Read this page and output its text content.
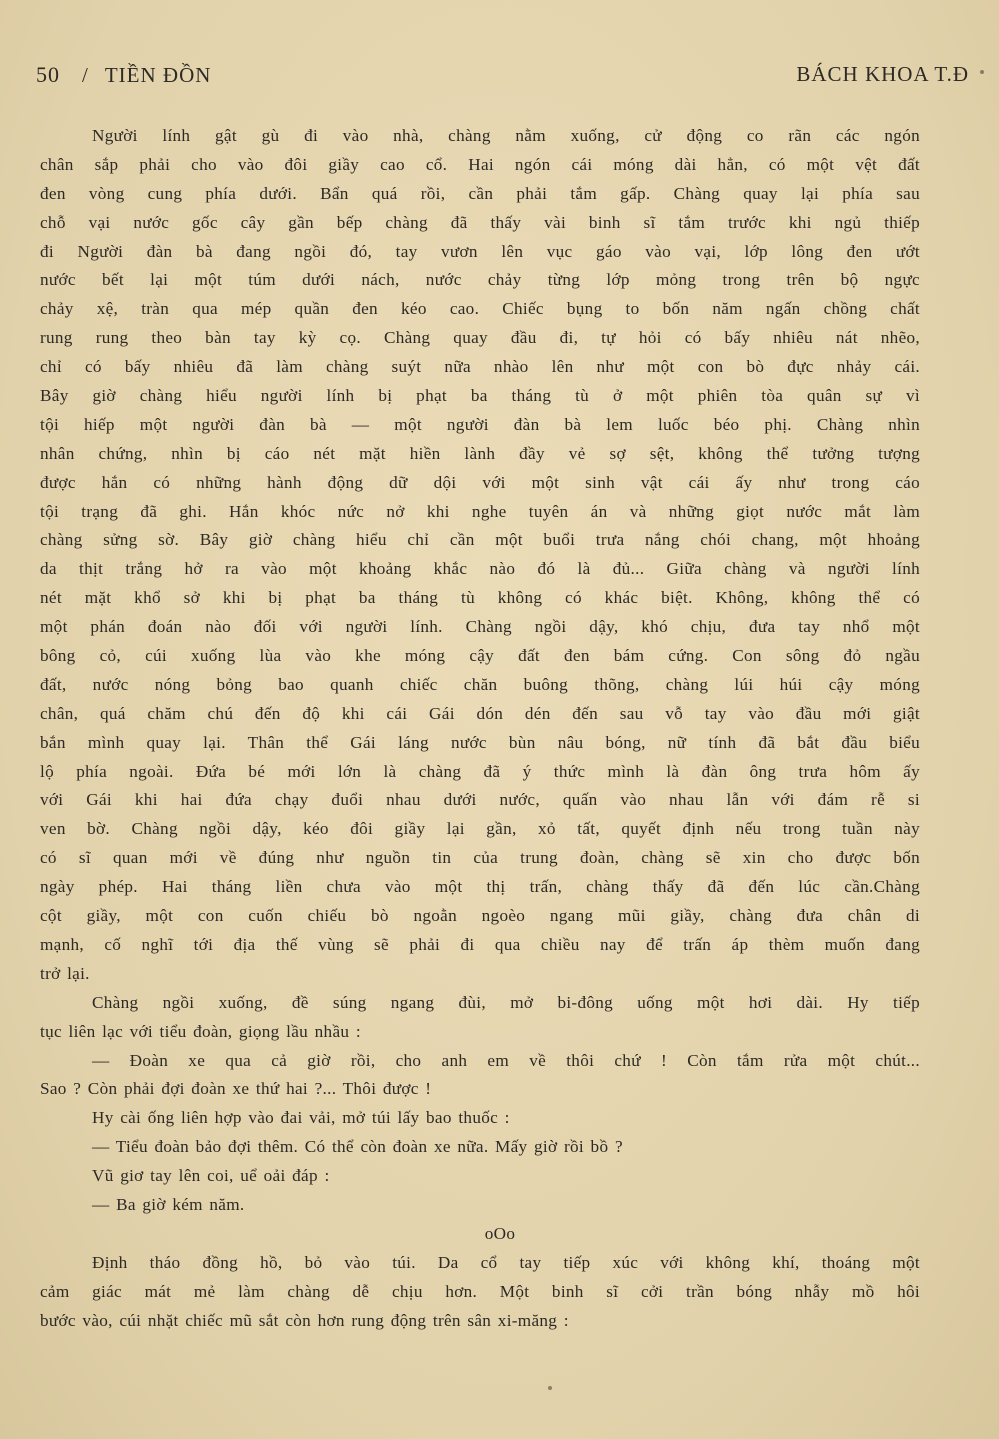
50 / TIỀN ĐỒN	BÁCH KHOA T.Đ
Người lính gật gù đi vào nhà, chàng nằm xuống, cử động co rãn các ngón
chân sắp phải cho vào đôi giầy cao cổ. Hai ngón cái móng dài hẳn, có một vệt đất
đen vòng cung phía dưới. Bẩn quá rồi, cần phải tắm gấp. Chàng quay lại phía sau
chỗ vại nước gốc cây gần bếp chàng đã thấy vài binh sĩ tắm trước khi ngủ thiếp
đi Người đàn bà đang ngồi đó, tay vươn lên vục gáo vào vại, lớp lông đen ướt
nước bết lại một túm dưới nách, nước chảy từng lớp mỏng trong trên bộ ngực
chảy xệ, tràn qua mép quần đen kéo cao. Chiếc bụng to bốn năm ngấn chồng chất
rung rung theo bàn tay kỳ cọ. Chàng quay đầu đi, tự hỏi có bấy nhiêu nát nhẽo,
chỉ có bấy nhiêu đã làm chàng suýt nữa nhào lên như một con bò đực nhảy cái.
Bây giờ chàng hiểu người lính bị phạt ba tháng tù ở một phiên tòa quân sự vì
tội hiếp một người đàn bà — một người đàn bà lem luốc béo phị. Chàng nhìn
nhân chứng, nhìn bị cáo nét mặt hiền lành đầy vẻ sợ sệt, không thể tưởng tượng
được hắn có những hành động dữ dội với một sinh vật cái ấy như trong cáo
tội trạng đã ghi. Hắn khóc nức nở khi nghe tuyên án và những giọt nước mắt làm
chàng sửng sờ. Bây giờ chàng hiểu chỉ cần một buổi trưa nắng chói chang, một hhoảng
da thịt trắng hở ra vào một khoảng khắc nào đó là đủ... Giữa chàng và người lính
nét mặt khổ sở khi bị phạt ba tháng tù không có khác biệt. Không, không thể có
một phán đoán nào đối với người lính. Chàng ngồi dậy, khó chịu, đưa tay nhổ một
bông cỏ, cúi xuống lùa vào khe móng cậy đất đen bám cứng. Con sông đỏ ngầu
đất, nước nóng bỏng bao quanh chiếc chăn buông thõng, chàng lúi húi cậy móng
chân, quá chăm chú đến độ khi cái Gái dón dén đến sau vỗ tay vào đầu mới giật
bắn mình quay lại. Thân thể Gái láng nước bùn nâu bóng, nữ tính đã bắt đầu biểu
lộ phía ngoài. Đứa bé mới lớn là chàng đã ý thức mình là đàn ông trưa hôm ấy
với Gái khi hai đứa chạy đuổi nhau dưới nước, quấn vào nhau lẫn với đám rễ si
ven bờ. Chàng ngồi dậy, kéo đôi giầy lại gần, xỏ tất, quyết định nếu trong tuần này
có sĩ quan mới về đúng như nguồn tin của trung đoàn, chàng sẽ xin cho được bốn
ngày phép. Hai tháng liền chưa vào một thị trấn, chàng thấy đã đến lúc cần.Chàng
cột giầy, một con cuốn chiếu bò ngoằn ngoèo ngang mũi giầy, chàng đưa chân di
mạnh, cố nghĩ tới địa thế vùng sẽ phải đi qua chiều nay để trấn áp thèm muốn đang
trở lại.
Chàng ngồi xuống, đề súng ngang đùi, mở bi-đông uống một hơi dài. Hy tiếp
tục liên lạc với tiểu đoàn, giọng lầu nhầu :
— Đoàn xe qua cả giờ rồi, cho anh em về thôi chứ ! Còn tắm rửa một chút...
Sao ? Còn phải đợi đoàn xe thứ hai ?... Thôi được !
Hy cài ống liên hợp vào đai vải, mở túi lấy bao thuốc :
— Tiểu đoàn bảo đợi thêm. Có thể còn đoàn xe nữa. Mấy giờ rồi bồ ?
Vũ giơ tay lên coi, uể oải đáp :
— Ba giờ kém năm.
oOo
Định tháo đồng hồ, bỏ vào túi. Da cổ tay tiếp xúc với không khí, thoáng một
cảm giác mát mẻ làm chàng dễ chịu hơn. Một binh sĩ cởi trần bóng nhẫy mồ hôi
bước vào, cúi nhặt chiếc mũ sắt còn hơn rung động trên sân xi-măng :
